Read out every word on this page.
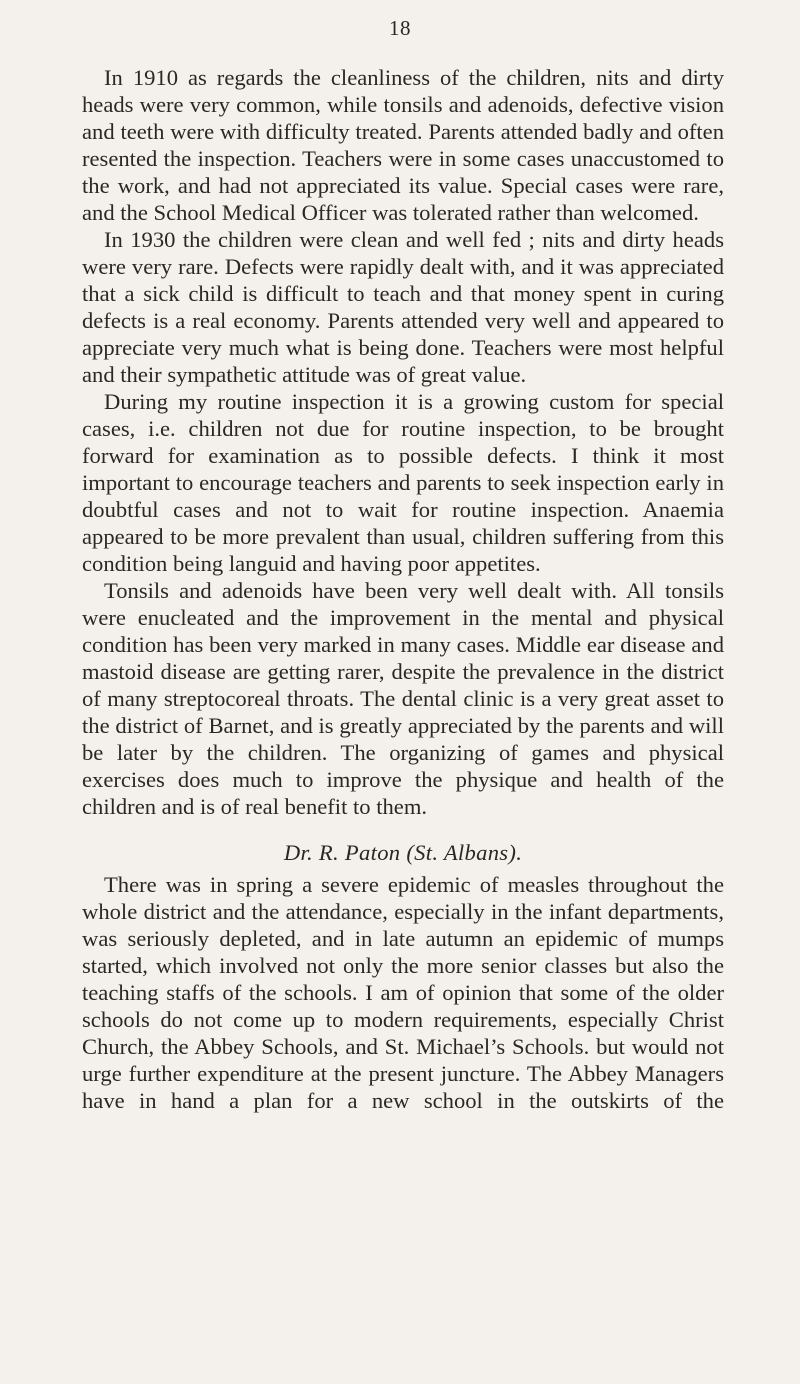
18

In 1910 as regards the cleanliness of the children, nits and dirty heads were very common, while tonsils and adenoids, defective vision and teeth were with difficulty treated. Parents attended badly and often resented the inspection. Teachers were in some cases unaccustomed to the work, and had not appreciated its value. Special cases were rare, and the School Medical Officer was tolerated rather than welcomed.

In 1930 the children were clean and well fed ; nits and dirty heads were very rare. Defects were rapidly dealt with, and it was appreciated that a sick child is difficult to teach and that money spent in curing defects is a real economy. Parents attended very well and appeared to appreciate very much what is being done. Teachers were most helpful and their sympathetic attitude was of great value.

During my routine inspection it is a growing custom for special cases, i.e. children not due for routine inspection, to be brought forward for examination as to possible defects. I think it most important to encourage teachers and parents to seek inspection early in doubtful cases and not to wait for routine inspection. Anaemia appeared to be more prevalent than usual, children suffering from this condition being languid and having poor appetites.

Tonsils and adenoids have been very well dealt with. All tonsils were enucleated and the improvement in the mental and physical condition has been very marked in many cases. Middle ear disease and mastoid disease are getting rarer, despite the prevalence in the district of many streptocoreal throats. The dental clinic is a very great asset to the district of Barnet, and is greatly appreciated by the parents and will be later by the children. The organizing of games and physical exercises does much to improve the physique and health of the children and is of real benefit to them.

Dr. R. Paton (St. Albans).

There was in spring a severe epidemic of measles throughout the whole district and the attendance, especially in the infant departments, was seriously depleted, and in late autumn an epidemic of mumps started, which involved not only the more senior classes but also the teaching staffs of the schools. I am of opinion that some of the older schools do not come up to modern requirements, especially Christ Church, the Abbey Schools, and St. Michael’s Schools. but would not urge further expenditure at the present juncture. The Abbey Managers have in hand a plan for a new school in the outskirts of the
